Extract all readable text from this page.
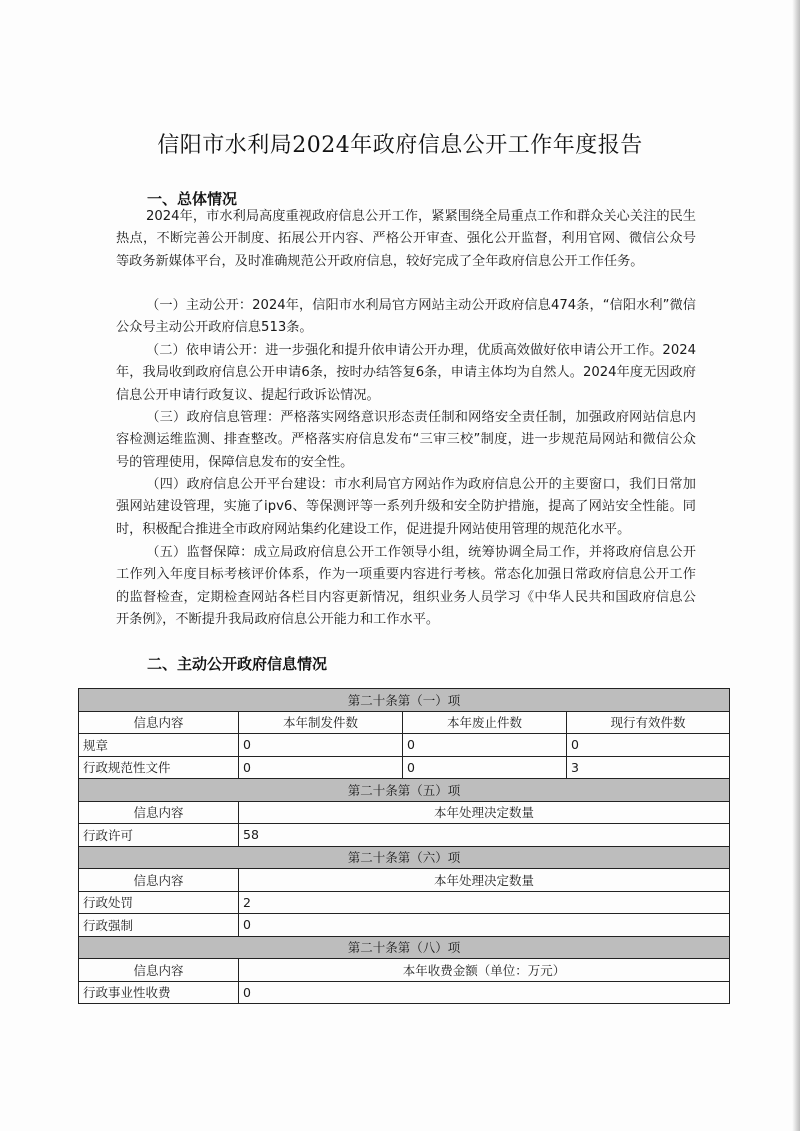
信阳市水利局2024年政府信息公开工作年度报告
一、总体情况
2024年，市水利局高度重视政府信息公开工作，紧紧围绕全局重点工作和群众关心关注的民生热点，不断完善公开制度、拓展公开内容、严格公开审查、强化公开监督，利用官网、微信公众号等政务新媒体平台，及时准确规范公开政府信息，较好完成了全年政府信息公开工作任务。
（一）主动公开：2024年，信阳市水利局官方网站主动公开政府信息474条，“信阳水利”微信公众号主动公开政府信息513条。
（二）依申请公开：进一步强化和提升依申请公开办理，优质高效做好依申请公开工作。2024年，我局收到政府信息公开申请6条，按时办结答复6条，申请主体均为自然人。2024年度无因政府信息公开申请行政复议、提起行政诉讼情况。
（三）政府信息管理：严格落实网络意识形态责任制和网络安全责任制，加强政府网站信息内容检测运维监测、排查整改。严格落实府信息发布“三审三校”制度，进一步规范局网站和微信公众号的管理使用，保障信息发布的安全性。
（四）政府信息公开平台建设：市水利局官方网站作为政府信息公开的主要窗口，我们日常加强网站建设管理，实施了ipv6、等保测评等一系列升级和安全防护措施，提高了网站安全性能。同时，积极配合推进全市政府网站集约化建设工作，促进提升网站使用管理的规范化水平。
（五）监督保障：成立局政府信息公开工作领导小组，统筹协调全局工作，并将政府信息公开工作列入年度目标考核评价体系，作为一项重要内容进行考核。常态化加强日常政府信息公开工作的监督检查，定期检查网站各栏目内容更新情况，组织业务人员学习《中华人民共和国政府信息公开条例》，不断提升我局政府信息公开能力和工作水平。
二、主动公开政府信息情况
第二十条第（一）项			
信息内容	本年制发件数	本年废止件数	现行有效件数
规章	0	0	0
行政规范性文件	0	0	3
第二十条第（五）项			
信息内容	本年处理决定数量		
行政许可	58		
第二十条第（六）项			
信息内容	本年处理决定数量		
行政处罚	2		
行政强制	0		
第二十条第（八）项			
信息内容	本年收费金额（单位：万元）		
行政事业性收费	0		
